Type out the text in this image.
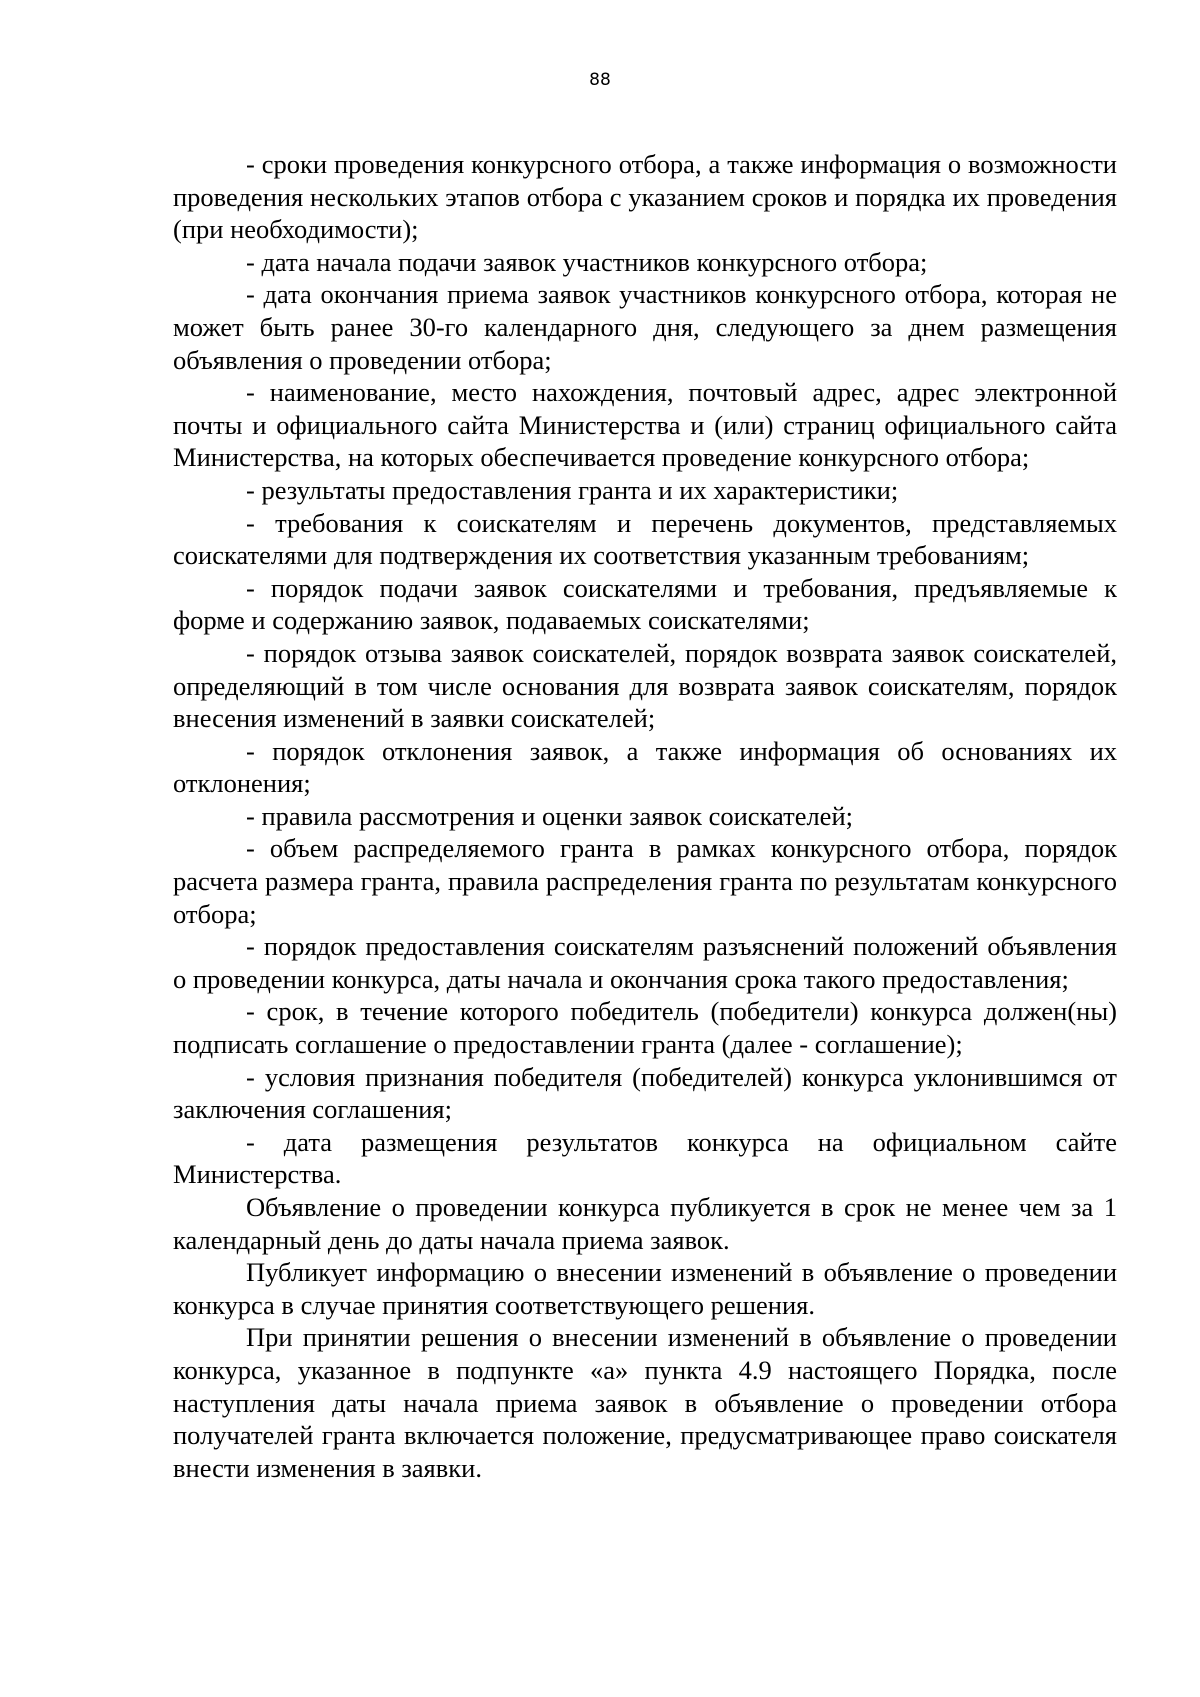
88

- сроки проведения конкурсного отбора, а также информация о возможности проведения нескольких этапов отбора с указанием сроков и порядка их проведения (при необходимости);

- дата начала подачи заявок участников конкурсного отбора;

- дата окончания приема заявок участников конкурсного отбора, которая не может быть ранее 30-го календарного дня, следующего за днем размещения объявления о проведении отбора;

- наименование, место нахождения, почтовый адрес, адрес электронной почты и официального сайта Министерства и (или) страниц официального сайта Министерства, на которых обеспечивается проведение конкурсного отбора;

- результаты предоставления гранта и их характеристики;

- требования к соискателям и перечень документов, представляемых соискателями для подтверждения их соответствия указанным требованиям;

- порядок подачи заявок соискателями и требования, предъявляемые к форме и содержанию заявок, подаваемых соискателями;

- порядок отзыва заявок соискателей, порядок возврата заявок соискателей, определяющий в том числе основания для возврата заявок соискателям, порядок внесения изменений в заявки соискателей;

- порядок отклонения заявок, а также информация об основаниях их отклонения;

- правила рассмотрения и оценки заявок соискателей;

- объем распределяемого гранта в рамках конкурсного отбора, порядок расчета размера гранта, правила распределения гранта по результатам конкурсного отбора;

- порядок предоставления соискателям разъяснений положений объявления о проведении конкурса, даты начала и окончания срока такого предоставления;

- срок, в течение которого победитель (победители) конкурса должен(ны) подписать соглашение о предоставлении гранта (далее - соглашение);

- условия признания победителя (победителей) конкурса уклонившимся от заключения соглашения;

- дата размещения результатов конкурса на официальном сайте Министерства.

Объявление о проведении конкурса публикуется в срок не менее чем за 1 календарный день до даты начала приема заявок.

Публикует информацию о внесении изменений в объявление о проведении конкурса в случае принятия соответствующего решения.

При принятии решения о внесении изменений в объявление о проведении конкурса, указанное в подпункте «а» пункта 4.9 настоящего Порядка, после наступления даты начала приема заявок в объявление о проведении отбора получателей гранта включается положение, предусматривающее право соискателя внести изменения в заявки.
